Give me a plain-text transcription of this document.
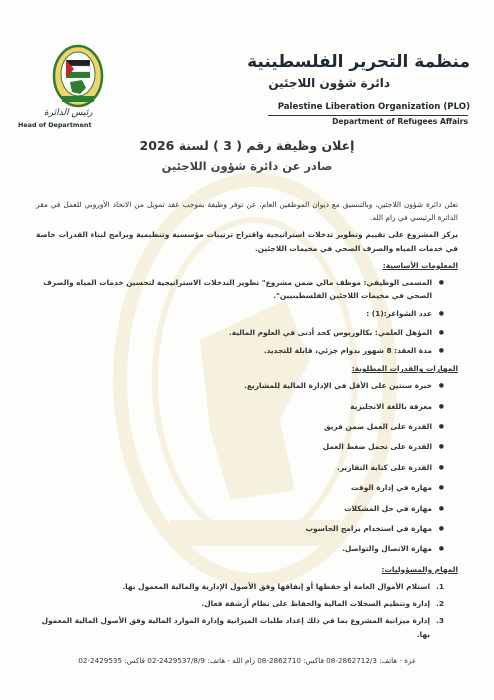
منظمة التحرير الفلسطينية
دائرة شؤون اللاجئين
Palestine Liberation Organization (PLO)
Department of Refugees Affairs
رئيس الدائرة
Head of Department
إعلان وظيفة رقم ( 3 ) لسنة 2026
صادر عن دائرة شؤون اللاجئين

تعلن دائرة شؤون اللاجئين، وبالتنسيق مع ديوان الموظفين العام، عن توفر وظيفة بموجب عقد تمويل من الاتحاد الأوروبي للعمل في مقر الدائرة الرئيسي في رام الله.

يركز المشروع على تقييم وتطوير تدخلات استراتيجية واقتراح ترتيبات مؤسسية وتنظيمية وبرامج لبناء القدرات خاصة في خدمات المياه والصرف الصحي في مخيمات اللاجئين.

المعلومات الأساسية:

● المسمى الوظيفي: موظف مالي ضمن مشروع" تطوير التدخلات الاستراتيجية لتحسين خدمات المياه والصرف الصحي في مخيمات اللاجئين الفلسطينيين".
● عدد الشواغر:(1) :
● المؤهل العلمي: بكالوريوس كحد أدنى في العلوم المالية.
● مدة العقد: 8 شهور بدوام جزئي، قابلة للتجديد.

المهارات والقدرات المطلوبة:

● خبرة سنتين على الأقل في الإدارة المالية للمشاريع.
● معرفة باللغة الانجليزية
● القدرة على العمل ضمن فريق
● القدرة على تحمل ضغط العمل
● القدرة على كتابة التقارير.
● مهارة في إدارة الوقت
● مهارة في حل المشكلات
● مهارة في استخدام برامج الحاسوب
● مهارة الاتصال والتواصل.

المهام والمسؤوليات:

1.
استلام الأموال العامة أو حفظها أو إنفاقها وفق الأصول الإدارية والمالية المعمول بها.
2.
إدارة وتنظيم السجلات المالية والحفاظ على نظام أرشفة فعال.
3.
إدارة ميزانية المشروع بما في ذلك إعداد طلبات الميزانية وإدارة الموارد المالية وفق الأصول المالية المعمول بها.
غزة - هاتف: 2862712/3-08 فاكس: 2862710-08 رام الله - هاتف: 2429537/8/9-02 فاكس: 2429535-02
